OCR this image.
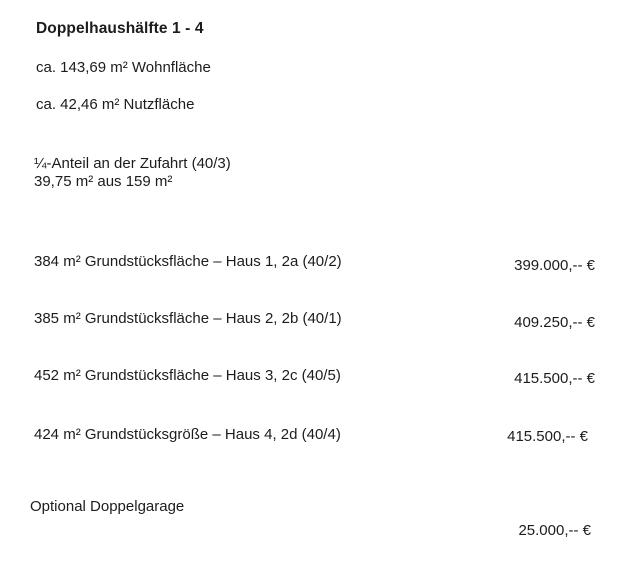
Doppelhaushälfte 1 - 4
ca. 143,69 m² Wohnfläche
ca. 42,46 m² Nutzfläche
¼-Anteil an der Zufahrt (40/3)
39,75 m² aus 159 m²
384 m² Grundstücksfläche – Haus 1, 2a (40/2)	399.000,-- €
385 m² Grundstücksfläche – Haus 2, 2b (40/1)	409.250,-- €
452 m² Grundstücksfläche – Haus 3, 2c (40/5)	415.500,-- €
424 m² Grundstücksgröße – Haus 4, 2d (40/4)	415.500,-- €
Optional Doppelgarage
25.000,-- €
